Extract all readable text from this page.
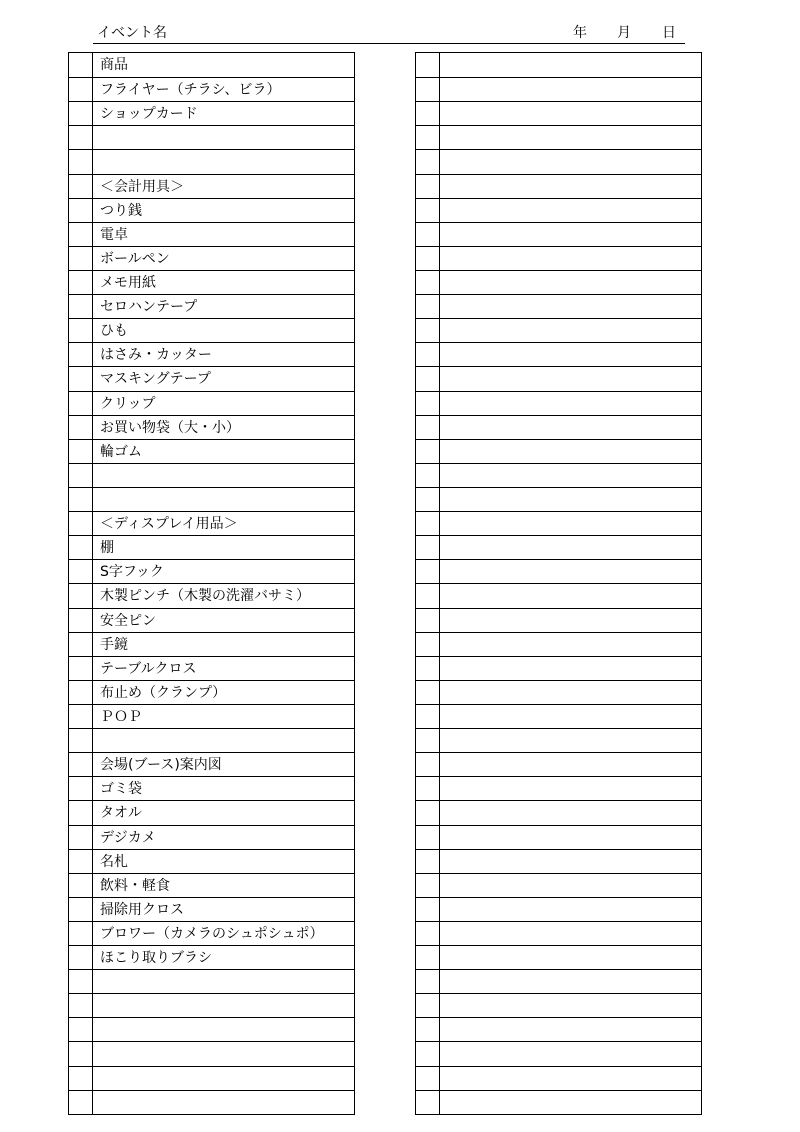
イベント名	年 月 日
商品
フライヤー（チラシ、ビラ）
ショップカード
＜会計用具＞
つり銭
電卓
ボールペン
メモ用紙
セロハンテープ
ひも
はさみ・カッター
マスキングテープ
クリップ
お買い物袋（大・小）
輪ゴム
＜ディスプレイ用品＞
棚
S字フック
木製ピンチ（木製の洗濯バサミ）
安全ピン
手鏡
テーブルクロス
布止め（クランプ）
ＰＯＰ
会場(ブース)案内図
ゴミ袋
タオル
デジカメ
名札
飲料・軽食
掃除用クロス
ブロワー（カメラのシュポシュポ）
ほこり取りブラシ
